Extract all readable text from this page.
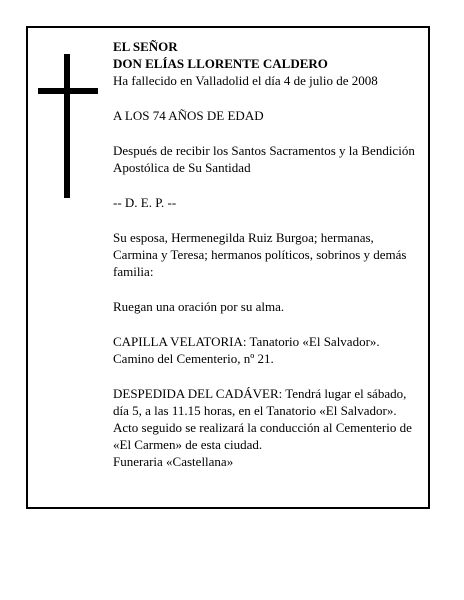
EL SEÑOR

DON ELÍAS LLORENTE CALDERO

Ha fallecido en Valladolid el día 4 de julio de 2008

A LOS 74 AÑOS DE EDAD

Después de recibir los Santos Sacramentos y la Bendición Apostólica de Su Santidad

-- D. E. P. --

Su esposa, Hermenegilda Ruiz Burgoa; hermanas, Carmina y Teresa; hermanos políticos, sobrinos y demás familia:

Ruegan una oración por su alma.

CAPILLA VELATORIA: Tanatorio «El Salvador». Camino del Cementerio, nº 21.

DESPEDIDA DEL CADÁVER: Tendrá lugar el sábado, día 5, a las 11.15 horas, en el Tanatorio «El Salvador». Acto seguido se realizará la conducción al Cementerio de «El Carmen» de esta ciudad.

Funeraria «Castellana»
